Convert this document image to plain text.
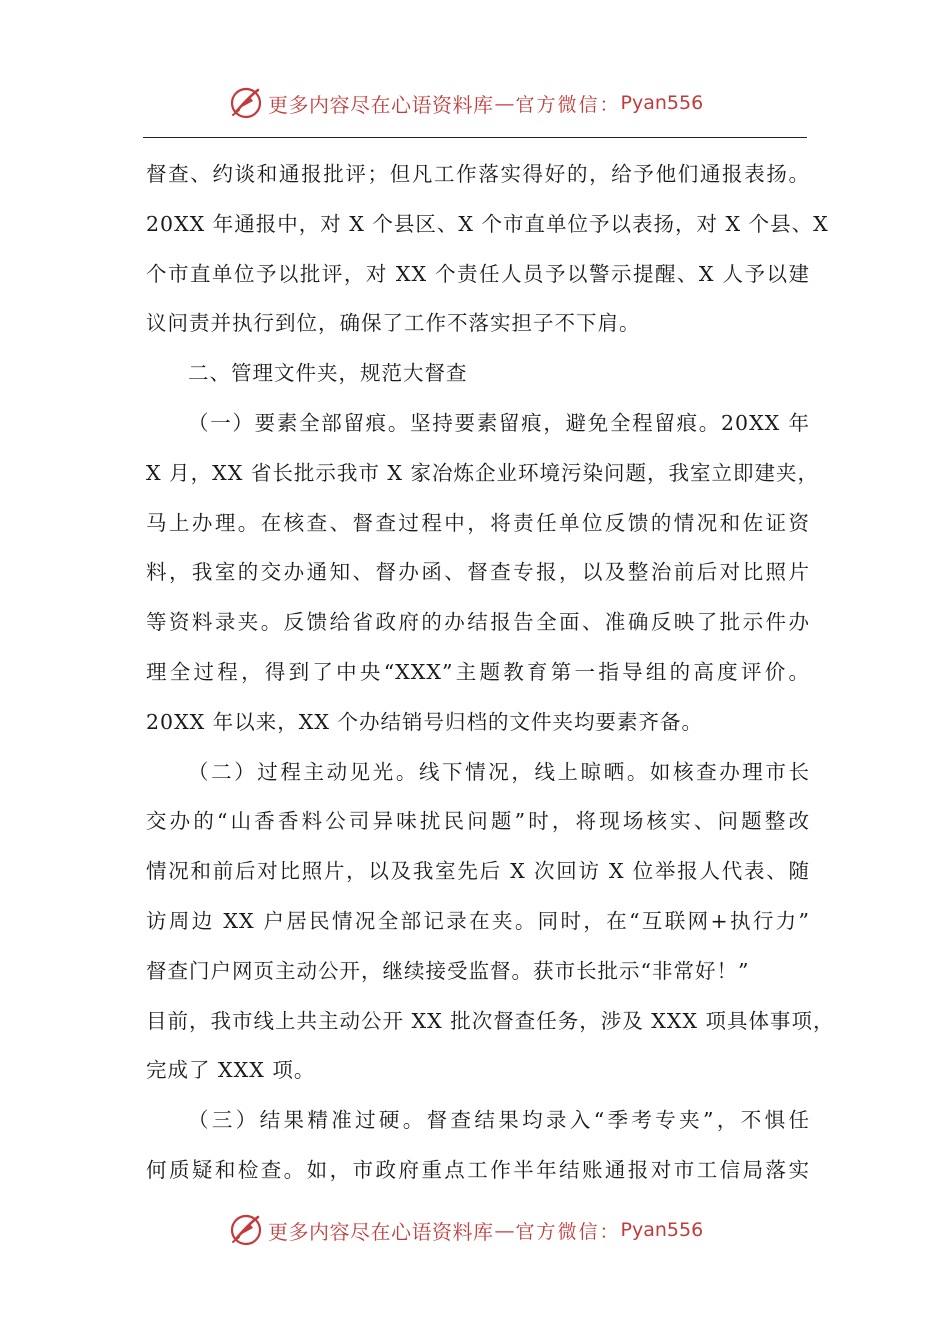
更多内容尽在心语资料库 — 官方微信： Pyan556
督查、约谈和通报批评；但凡工作落实得好的，给予他们通报表扬。
20XX 年通报中，对 X 个县区、X 个市直单位予以表扬，对 X 个县、X
个市直单位予以批评，对 XX 个责任人员予以警示提醒、X 人予以建
议问责并执行到位，确保了工作不落实担子不下肩。
二、管理文件夹，规范大督查
（一）要素全部留痕。坚持要素留痕，避免全程留痕。20XX 年
X 月，XX 省长批示我市 X 家冶炼企业环境污染问题，我室立即建夹，
马上办理。在核查、督查过程中，将责任单位反馈的情况和佐证资
料，我室的交办通知、督办函、督查专报，以及整治前后对比照片
等资料录夹。反馈给省政府的办结报告全面、准确反映了批示件办
理全过程，得到了中央“XXX”主题教育第一指导组的高度评价。
20XX 年以来，XX 个办结销号归档的文件夹均要素齐备。
（二）过程主动见光。线下情况，线上晾晒。如核查办理市长
交办的“山香香料公司异味扰民问题”时，将现场核实、问题整改
情况和前后对比照片，以及我室先后 X 次回访 X 位举报人代表、随
访周边 XX 户居民情况全部记录在夹。同时，在“互联网+执行力”
督查门户网页主动公开，继续接受监督。获市长批示“非常好！”
目前，我市线上共主动公开 XX 批次督查任务，涉及 XXX 项具体事项，
完成了 XXX 项。
（三）结果精准过硬。督查结果均录入“季考专夹”，不惧任
何质疑和检查。如，市政府重点工作半年结账通报对市工信局落实
更多内容尽在心语资料库 — 官方微信： Pyan556
